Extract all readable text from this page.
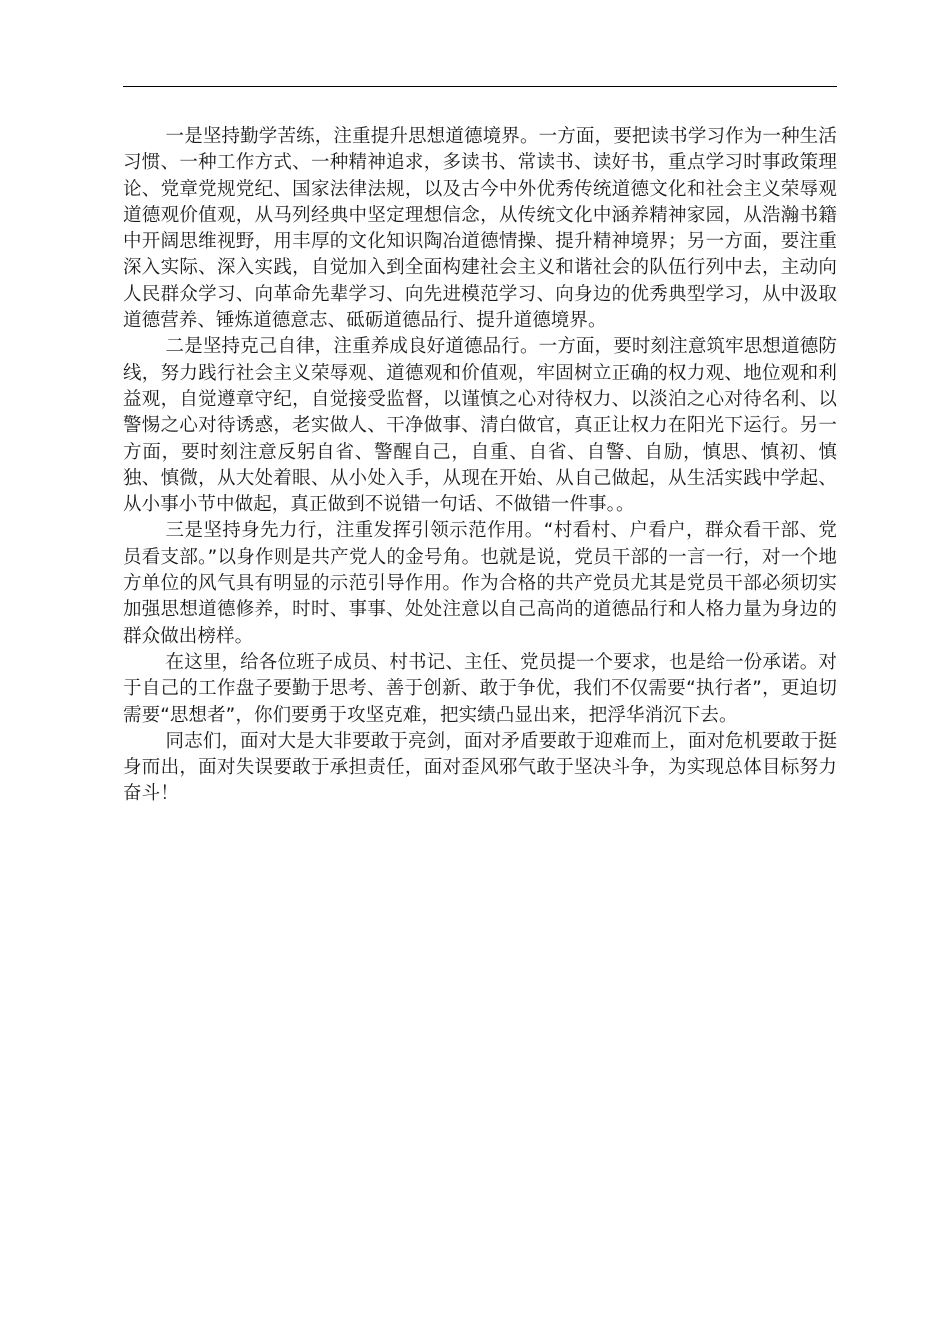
一是坚持勤学苦练，注重提升思想道德境界。一方面，要把读书学习作为一种生活习惯、一种工作方式、一种精神追求，多读书、常读书、读好书，重点学习时事政策理论、党章党规党纪、国家法律法规，以及古今中外优秀传统道德文化和社会主义荣辱观道德观价值观，从马列经典中坚定理想信念，从传统文化中涵养精神家园，从浩瀚书籍中开阔思维视野，用丰厚的文化知识陶冶道德情操、提升精神境界；另一方面，要注重深入实际、深入实践，自觉加入到全面构建社会主义和谐社会的队伍行列中去，主动向人民群众学习、向革命先辈学习、向先进模范学习、向身边的优秀典型学习，从中汲取道德营养、锤炼道德意志、砥砺道德品行、提升道德境界。

二是坚持克己自律，注重养成良好道德品行。一方面，要时刻注意筑牢思想道德防线，努力践行社会主义荣辱观、道德观和价值观，牢固树立正确的权力观、地位观和利益观，自觉遵章守纪，自觉接受监督，以谨慎之心对待权力、以淡泊之心对待名利、以警惕之心对待诱惑，老实做人、干净做事、清白做官，真正让权力在阳光下运行。另一方面，要时刻注意反躬自省、警醒自己，自重、自省、自警、自励，慎思、慎初、慎独、慎微，从大处着眼、从小处入手，从现在开始、从自己做起，从生活实践中学起、从小事小节中做起，真正做到不说错一句话、不做错一件事。。

三是坚持身先力行，注重发挥引领示范作用。“村看村、户看户，群众看干部、党员看支部。”以身作则是共产党人的金号角。也就是说，党员干部的一言一行，对一个地方单位的风气具有明显的示范引导作用。作为合格的共产党员尤其是党员干部必须切实加强思想道德修养，时时、事事、处处注意以自己高尚的道德品行和人格力量为身边的群众做出榜样。

在这里，给各位班子成员、村书记、主任、党员提一个要求，也是给一份承诺。对于自己的工作盘子要勤于思考、善于创新、敢于争优，我们不仅需要“执行者”，更迫切需要“思想者”，你们要勇于攻坚克难，把实绩凸显出来，把浮华消沉下去。

同志们，面对大是大非要敢于亮剑，面对矛盾要敢于迎难而上，面对危机要敢于挺身而出，面对失误要敢于承担责任，面对歪风邪气敢于坚决斗争，为实现总体目标努力奋斗！
